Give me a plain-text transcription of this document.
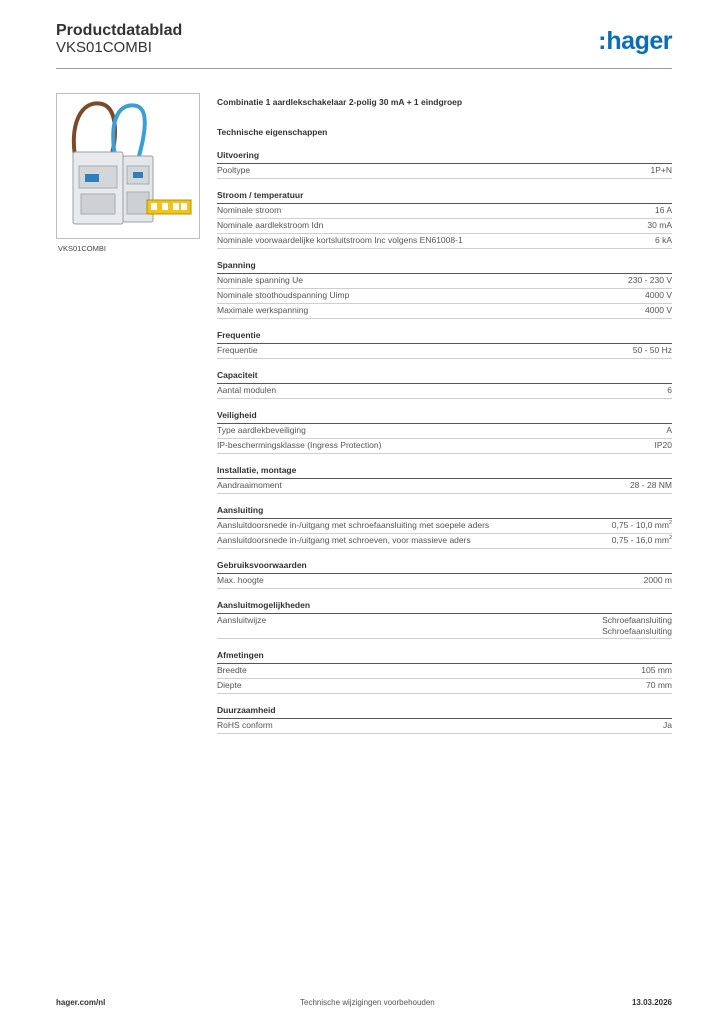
Productdatablad
VKS01COMBI	:hager
VKS01COMBI
Combinatie 1 aardlekschakelaar 2-polig 30 mA + 1 eindgroep
Technische eigenschappen
Uitvoering
Pooltype	1P+N
Stroom / temperatuur
Nominale stroom	16 A
Nominale aardlekstroom Idn	30 mA
Nominale voorwaardelijke kortsluitstroom Inc volgens EN61008-1	6 kA
Spanning
Nominale spanning Ue	230 - 230 V
Nominale stoothoudspanning Uimp	4000 V
Maximale werkspanning	4000 V
Frequentie
Frequentie	50 - 50 Hz
Capaciteit
Aantal modulen	6
Veiligheid
Type aardlekbeveiliging	A
IP-beschermingsklasse (Ingress Protection)	IP20
Installatie, montage
Aandraaimoment	28 - 28 NM
Aansluiting
Aansluitdoorsnede in-/uitgang met schroefaansluiting met soepele aders	0,75 - 10,0 $mm^2$
Aansluitdoorsnede in-/uitgang met schroeven, voor massieve aders	0,75 - 16,0 $mm^2$
Gebruiksvoorwaarden
Max. hoogte	2000 m
Aansluitmogelijkheden
Aansluitwijze	Schroefaansluiting
Schroefaansluiting
Afmetingen
Breedte	105 mm
Diepte	70 mm
Duurzaamheid
RoHS conform	Ja
hager.com/nl	Technische wijzigingen voorbehouden	13.03.2026
